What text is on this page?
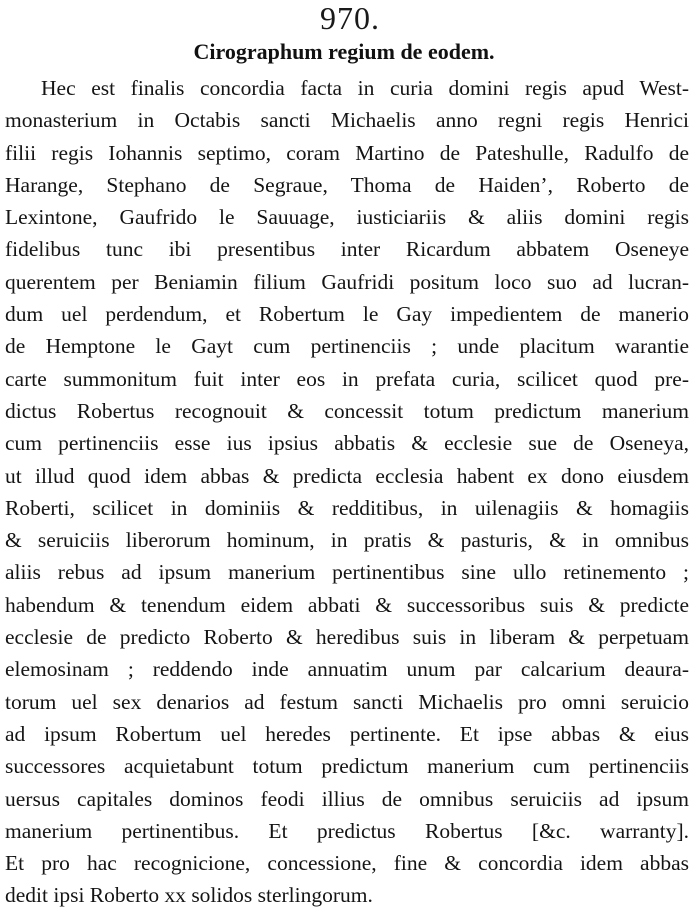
970.
Cirographum regium de eodem.
Hec est finalis concordia facta in curia domini regis apud West-
monasterium in Octabis sancti Michaelis anno regni regis Henrici
filii regis Iohannis septimo, coram Martino de Pateshulle, Radulfo de
Harange, Stephano de Segraue, Thoma de Haiden’, Roberto de
Lexintone, Gaufrido le Sauuage, iusticiariis & aliis domini regis
fidelibus tunc ibi presentibus inter Ricardum abbatem Oseneye
querentem per Beniamin filium Gaufridi positum loco suo ad lucran-
dum uel perdendum, et Robertum le Gay impedientem de manerio
de Hemptone le Gayt cum pertinenciis ; unde placitum warantie
carte summonitum fuit inter eos in prefata curia, scilicet quod pre-
dictus Robertus recognouit & concessit totum predictum manerium
cum pertinenciis esse ius ipsius abbatis & ecclesie sue de Oseneya,
ut illud quod idem abbas & predicta ecclesia habent ex dono eiusdem
Roberti, scilicet in dominiis & redditibus, in uilenagiis & homagiis
& seruiciis liberorum hominum, in pratis & pasturis, & in omnibus
aliis rebus ad ipsum manerium pertinentibus sine ullo retinemento ;
habendum & tenendum eidem abbati & successoribus suis & predicte
ecclesie de predicto Roberto & heredibus suis in liberam & perpetuam
elemosinam ; reddendo inde annuatim unum par calcarium deaura-
torum uel sex denarios ad festum sancti Michaelis pro omni seruicio
ad ipsum Robertum uel heredes pertinente. Et ipse abbas & eius
successores acquietabunt totum predictum manerium cum pertinenciis
uersus capitales dominos feodi illius de omnibus seruiciis ad ipsum
manerium pertinentibus. Et predictus Robertus [&c. warranty].
Et pro hac recognicione, concessione, fine & concordia idem abbas
dedit ipsi Roberto xx solidos sterlingorum.
